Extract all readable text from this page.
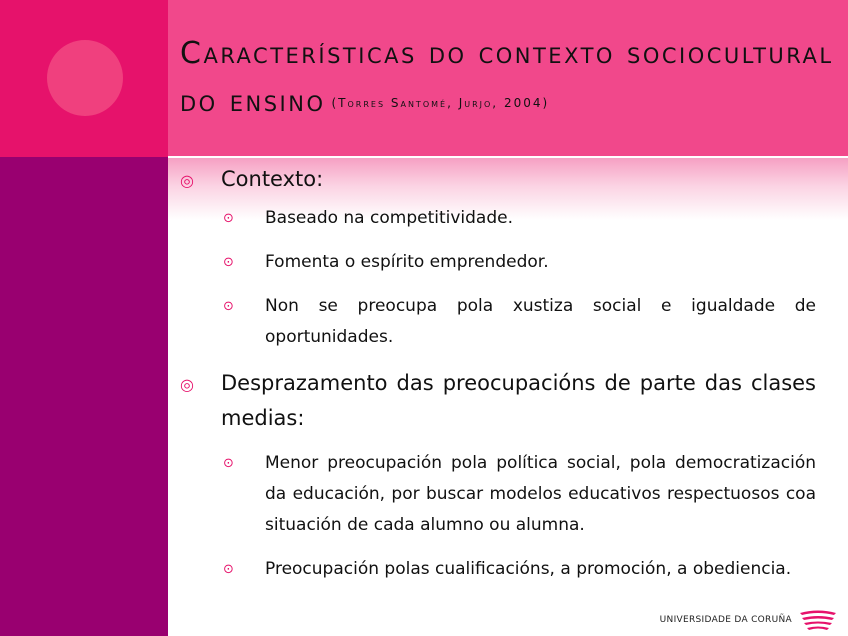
Características do contexto sociocultural do ensino (Torres Santomé, Jurjo, 2004)
◎ Contexto:
⊙ Baseado na competitividade.
⊙ Fomenta o espírito emprendedor.
⊙ Non se preocupa pola xustiza social e igualdade de oportunidades.
◎ Desprazamento das preocupacións de parte das clases medias:
⊙ Menor preocupación pola política social, pola democratización da educación, por buscar modelos educativos respectuosos coa situación de cada alumno ou alumna.
⊙ Preocupación polas cualificacións, a promoción, a obediencia.
UNIVERSIDADE DA CORUÑA
